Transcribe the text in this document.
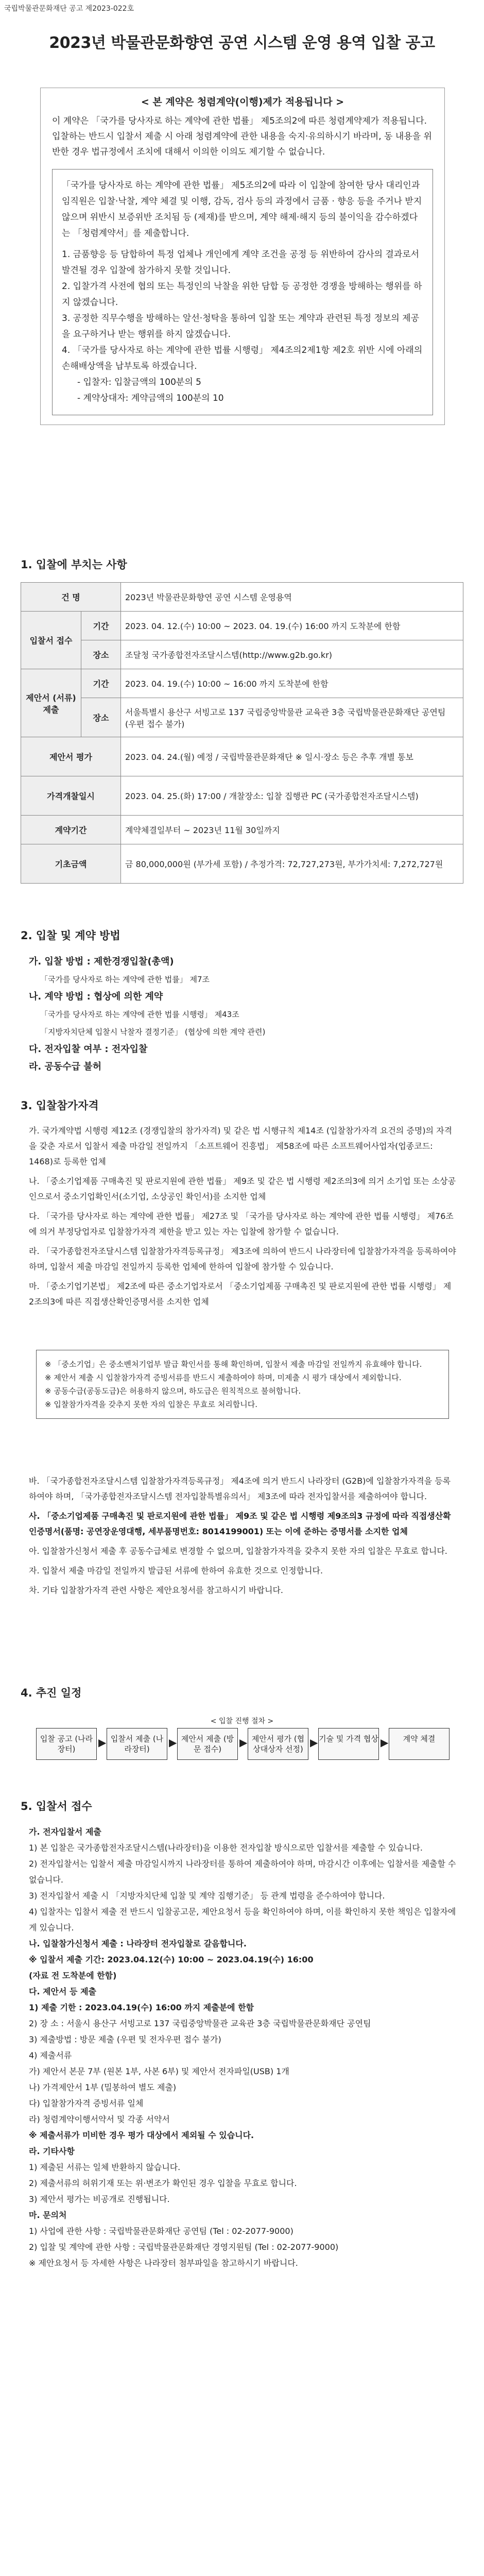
국립박물관문화재단 공고 제2023-022호
2023년 박물관문화향연 공연 시스템 운영 용역 입찰 공고
< 본 계약은 청렴계약(이행)제가 적용됩니다 >
이 계약은 「국가를 당사자로 하는 계약에 관한 법률」 제5조의2에 따른 청렴계약제가 적용됩니다. 입찰하는 반드시 입찰서 제출 시 아래 청렴계약에 관한 내용을 숙지·유의하시기 바라며, 동 내용을 위반한 경우 법규정에서 조치에 대해서 이의한 이의도 제기할 수 없습니다.
「국가를 당사자로 하는 계약에 관한 법률」 제5조의2에 따라 이 입찰에 참여한 당사 대리인과 임직원은 입찰·낙찰, 계약 체결 및 이행, 감독, 검사 등의 과정에서 금품 · 향응 등을 주거나 받지 않으며 위반시 보증위반 조치됨 등 (제재)를 받으며, 계약 해제·해지 등의 불이익을 감수하겠다는 「청렴계약서」를 제출합니다.
1. 금품향응 등 담합하여 특정 업체나 개인에게 계약 조건을 공정 등 위반하여 감사의 결과로서 발견될 경우 입찰에 참가하지 못할 것입니다.
2. 입찰가격 사전에 협의 또는 특정인의 낙찰을 위한 담합 등 공정한 경쟁을 방해하는 행위를 하지 않겠습니다.
3. 공정한 직무수행을 방해하는 알선·청탁을 통하여 입찰 또는 계약과 관련된 특정 정보의 제공을 요구하거나 받는 행위를 하지 않겠습니다.
4. 「국가를 당사자로 하는 계약에 관한 법률 시행령」 제4조의2제1항 제2호 위반 시에 아래의 손해배상액을 납부토록 하겠습니다.
- 입찰자: 입찰금액의 100분의 5
- 계약상대자: 계약금액의 100분의 10
1. 입찰에 부치는 사항
건 명		2023년 박물관문화향연 공연 시스템 운영용역
입찰서 접수	기간	2023. 04. 12.(수) 10:00 ~ 2023. 04. 19.(수) 16:00 까지 도착분에 한함
	장소	조달청 국가종합전자조달시스템(http://www.g2b.go.kr)
제안서 (서류) 제출	기간	2023. 04. 19.(수) 10:00 ~ 16:00 까지 도착분에 한함
	장소	서울특별시 용산구 서빙고로 137 국립중앙박물관 교육관 3층 국립박물관문화재단 공연팀 (우편 접수 불가)
제안서 평가		2023. 04. 24.(월) 예정 / 국립박물관문화재단 ※ 일시·장소 등은 추후 개별 통보
가격개찰일시		2023. 04. 25.(화) 17:00 / 개찰장소: 입찰 집행관 PC (국가종합전자조달시스템)
계약기간		계약체결일부터 ~ 2023년 11월 30일까지
기초금액		금 80,000,000원 (부가세 포함) / 추정가격: 72,727,273원, 부가가치세: 7,272,727원
2. 입찰 및 계약 방법
가. 입찰 방법 : 제한경쟁입찰(총액)
「국가를 당사자로 하는 계약에 관한 법률」 제7조
나. 계약 방법 : 협상에 의한 계약
「국가를 당사자로 하는 계약에 관한 법률 시행령」 제43조
「지방자치단체 입찰시 낙찰자 결정기준」 (협상에 의한 계약 관련)
다. 전자입찰 여부 : 전자입찰
라. 공동수급 불허
3. 입찰참가자격
가. 국가계약법 시행령 제12조 (경쟁입찰의 참가자격) 및 같은 법 시행규칙 제14조 (입찰참가자격 요건의 증명)의 자격을 갖춘 자로서 입찰서 제출 마감일 전일까지 「소프트웨어 진흥법」 제58조에 따른 소프트웨어사업자(업종코드: 1468)로 등록한 업체
나. 「중소기업제품 구매촉진 및 판로지원에 관한 법률」 제9조 및 같은 법 시행령 제2조의3에 의거 소기업 또는 소상공인으로서 중소기업확인서(소기업, 소상공인 확인서)를 소지한 업체
다. 「국가를 당사자로 하는 계약에 관한 법률」 제27조 및 「국가를 당사자로 하는 계약에 관한 법률 시행령」 제76조에 의거 부정당업자로 입찰참가자격 제한을 받고 있는 자는 입찰에 참가할 수 없습니다.
라. 「국가종합전자조달시스템 입찰참가자격등록규정」 제3조에 의하여 반드시 나라장터에 입찰참가자격을 등록하여야 하며, 입찰서 제출 마감일 전일까지 등록한 업체에 한하여 입찰에 참가할 수 있습니다.
마. 「중소기업기본법」 제2조에 따른 중소기업자로서 「중소기업제품 구매촉진 및 판로지원에 관한 법률 시행령」 제2조의3에 따른 직접생산확인증명서를 소지한 업체
※ 「중소기업」은 중소벤처기업부 발급 확인서를 통해 확인하며, 입찰서 제출 마감일 전일까지 유효해야 합니다.
※ 제안서 제출 시 입찰참가자격 증빙서류를 반드시 제출하여야 하며, 미제출 시 평가 대상에서 제외합니다.
※ 공동수급(공동도급)은 허용하지 않으며, 하도급은 원칙적으로 불허합니다.
※ 입찰참가자격을 갖추지 못한 자의 입찰은 무효로 처리합니다.
바. 「국가종합전자조달시스템 입찰참가자격등록규정」 제4조에 의거 반드시 나라장터 (G2B)에 입찰참가자격을 등록하여야 하며, 「국가종합전자조달시스템 전자입찰특별유의서」 제3조에 따라 전자입찰서를 제출하여야 합니다.
사. 「중소기업제품 구매촉진 및 판로지원에 관한 법률」 제9조 및 같은 법 시행령 제9조의3 규정에 따라 직접생산확인증명서(품명: 공연장운영대행, 세부품명번호: 8014199001) 또는 이에 준하는 증명서를 소지한 업체
아. 입찰참가신청서 제출 후 공동수급체로 변경할 수 없으며, 입찰참가자격을 갖추지 못한 자의 입찰은 무효로 합니다.
자. 입찰서 제출 마감일 전일까지 발급된 서류에 한하여 유효한 것으로 인정합니다.
차. 기타 입찰참가자격 관련 사항은 제안요청서를 참고하시기 바랍니다.
4. 추진 일정
< 입찰 진행 절차 >
입찰 공고 (나라장터)
▶ 입찰서 제출 (나라장터)
▶ 제안서 제출 (방문 접수)
▶ 제안서 평가 (협상대상자 선정)
▶ 기술 및 가격 협상 ▶	계약 체결
5. 입찰서 접수
가. 전자입찰서 제출
1) 본 입찰은 국가종합전자조달시스템(나라장터)을 이용한 전자입찰 방식으로만 입찰서를 제출할 수 있습니다.
2) 전자입찰서는 입찰서 제출 마감일시까지 나라장터를 통하여 제출하여야 하며, 마감시간 이후에는 입찰서를 제출할 수 없습니다.
3) 전자입찰서 제출 시 「지방자치단체 입찰 및 계약 집행기준」 등 관계 법령을 준수하여야 합니다.
4) 입찰자는 입찰서 제출 전 반드시 입찰공고문, 제안요청서 등을 확인하여야 하며, 이를 확인하지 못한 책임은 입찰자에게 있습니다.
나. 입찰참가신청서 제출 : 나라장터 전자입찰로 갈음합니다.
※ 입찰서 제출 기간: 2023.04.12(수) 10:00 ~ 2023.04.19(수) 16:00
(자료 전 도착분에 한함)
다. 제안서 등 제출
1) 제출 기한 : 2023.04.19(수) 16:00 까지 제출분에 한함
2) 장 소 : 서울시 용산구 서빙고로 137 국립중앙박물관 교육관 3층 국립박물관문화재단 공연팀
3) 제출방법 : 방문 제출 (우편 및 전자우편 접수 불가)
4) 제출서류
가) 제안서 본문 7부 (원본 1부, 사본 6부) 및 제안서 전자파일(USB) 1개
나) 가격제안서 1부 (밀봉하여 별도 제출)
다) 입찰참가자격 증빙서류 일체
라) 청렴계약이행서약서 및 각종 서약서
※ 제출서류가 미비한 경우 평가 대상에서 제외될 수 있습니다.
라. 기타사항
1) 제출된 서류는 일체 반환하지 않습니다.
2) 제출서류의 허위기재 또는 위·변조가 확인된 경우 입찰을 무효로 합니다.
3) 제안서 평가는 비공개로 진행됩니다.
마. 문의처
1) 사업에 관한 사항 : 국립박물관문화재단 공연팀 (Tel : 02-2077-9000)
2) 입찰 및 계약에 관한 사항 : 국립박물관문화재단 경영지원팀 (Tel : 02-2077-9000)
※ 제안요청서 등 자세한 사항은 나라장터 첨부파일을 참고하시기 바랍니다.
